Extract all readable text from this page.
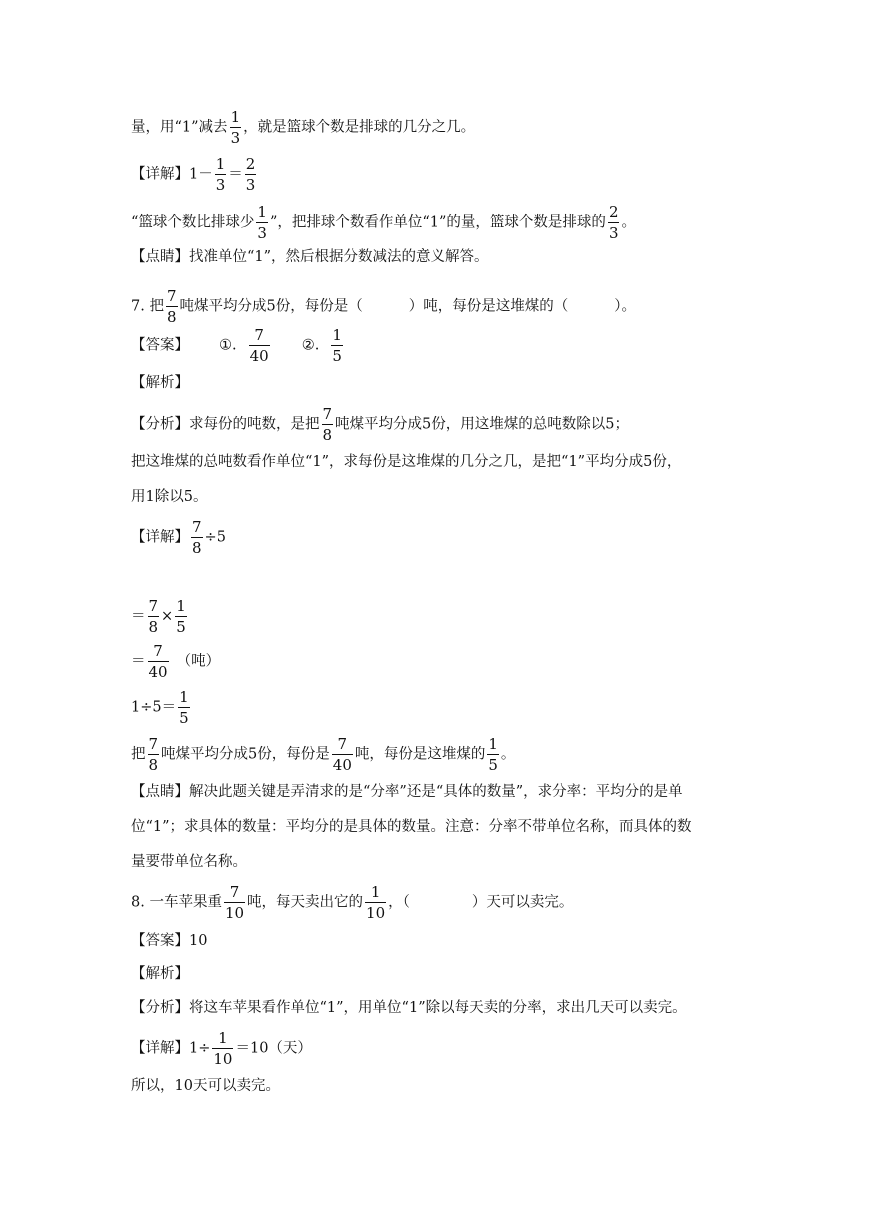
量，用“1”减去 $\frac{1}{3}$ ，就是篮球个数是排球的几分之几。
【详解】$1- \frac{1}{3} = \frac{2}{3}$
“篮球个数比排球少 $\frac{1}{3}$ ”，把排球个数看作单位“1”的量，篮球个数是排球的 $\frac{2}{3}$ 。
【点睛】找准单位“1”，然后根据分数减法的意义解答。
7. 把 $\frac{7}{8}$ 吨煤平均分成5份，每份是（	）吨，每份是这堆煤的（	）。
【答案】 ①. $\frac{7}{40}$ ②. $\frac{1}{5}$
【解析】
【分析】求每份的吨数，是把 $\frac{7}{8}$ 吨煤平均分成5份，用这堆煤的总吨数除以5；
把这堆煤的总吨数看作单位“1”，求每份是这堆煤的几分之几，是把“1”平均分成5份，
用1除以5。
【详解】 $\frac{7}{8} \div 5$
＝ $\frac{7}{8} \times \frac{1}{5}$
＝ $\frac{7}{40}$ （吨）
$1\div 5= \frac{1}{5}$
把 $\frac{7}{8}$ 吨煤平均分成5份，每份是 $\frac{7}{40}$ 吨，每份是这堆煤的 $\frac{1}{5}$ 。
【点睛】解决此题关键是弄清求的是“分率”还是“具体的数量”，求分率：平均分的是单
位“1”；求具体的数量：平均分的是具体的数量。注意：分率不带单位名称，而具体的数
量要带单位名称。
8. 一车苹果重 $\frac{7}{10}$ 吨，每天卖出它的 $\frac{1}{10}$ ，（	）天可以卖完。
【答案】10
【解析】
【分析】将这车苹果看作单位“1”，用单位“1”除以每天卖的分率，求出几天可以卖完。
【详解】$1\div \frac{1}{10} =10$（天）
所以，10天可以卖完。
